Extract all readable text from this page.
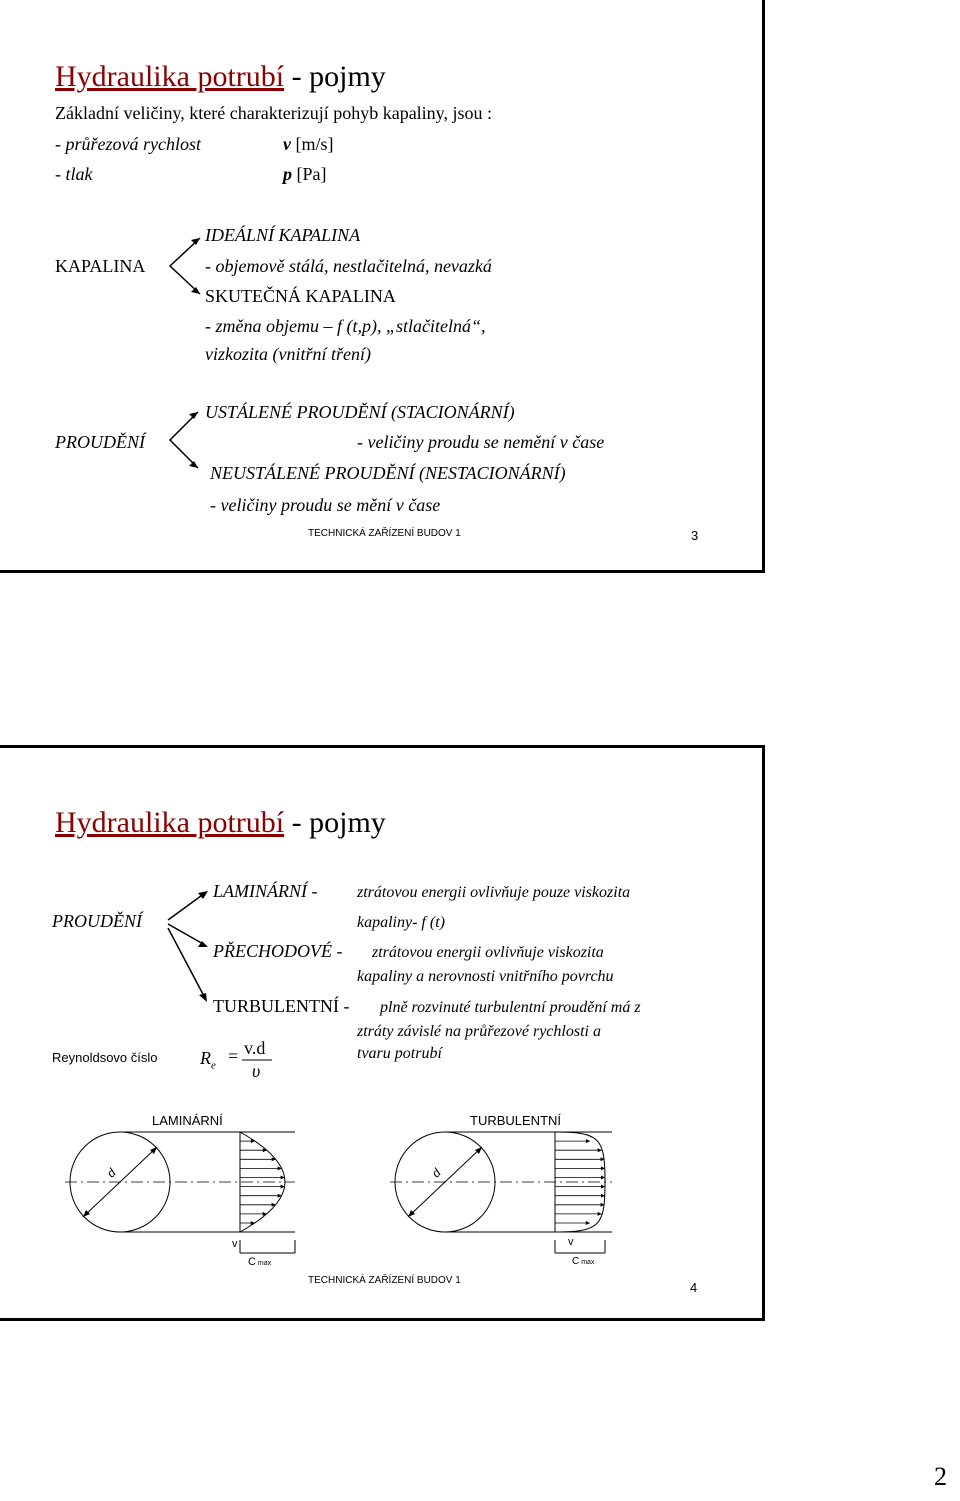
Hydraulika potrubí - pojmy
Základní veličiny, které charakterizují pohyb kapaliny, jsou :
- průřezová rychlost	v [m/s]
- tlak	p [Pa]
KAPALINA
IDEÁLNÍ KAPALINA
- objemově stálá, nestlačitelná, nevazká
SKUTEČNÁ KAPALINA
- změna objemu – f (t,p), „stlačitelná“,
vizkozita (vnitřní tření)
PROUDĚNÍ
USTÁLENÉ PROUDĚNÍ (STACIONÁRNÍ)
- veličiny proudu se nemění v čase
NEUSTÁLENÉ PROUDĚNÍ (NESTACIONÁRNÍ)
- veličiny proudu se mění v čase
TECHNICKÁ ZAŘÍZENÍ BUDOV 1	3
Hydraulika potrubí - pojmy
PROUDĚNÍ
LAMINÁRNÍ - ztrátovou energii ovlivňuje pouze viskozita
kapaliny- f (t)
PŘECHODOVÉ - ztrátovou energii ovlivňuje viskozita
kapaliny a nerovnosti vnitřního povrchu
TURBULENTNÍ - plně rozvinuté turbulentní proudění má z
ztráty závislé na průřezové rychlosti a
tvaru potrubí
Reynoldsovo číslo $R_e = v.d$
υ
LAMINÁRNÍ	TURBULENTNÍ
d	d
v	v
C max	C max
TECHNICKÁ ZAŘÍZENÍ BUDOV 1	4
2
